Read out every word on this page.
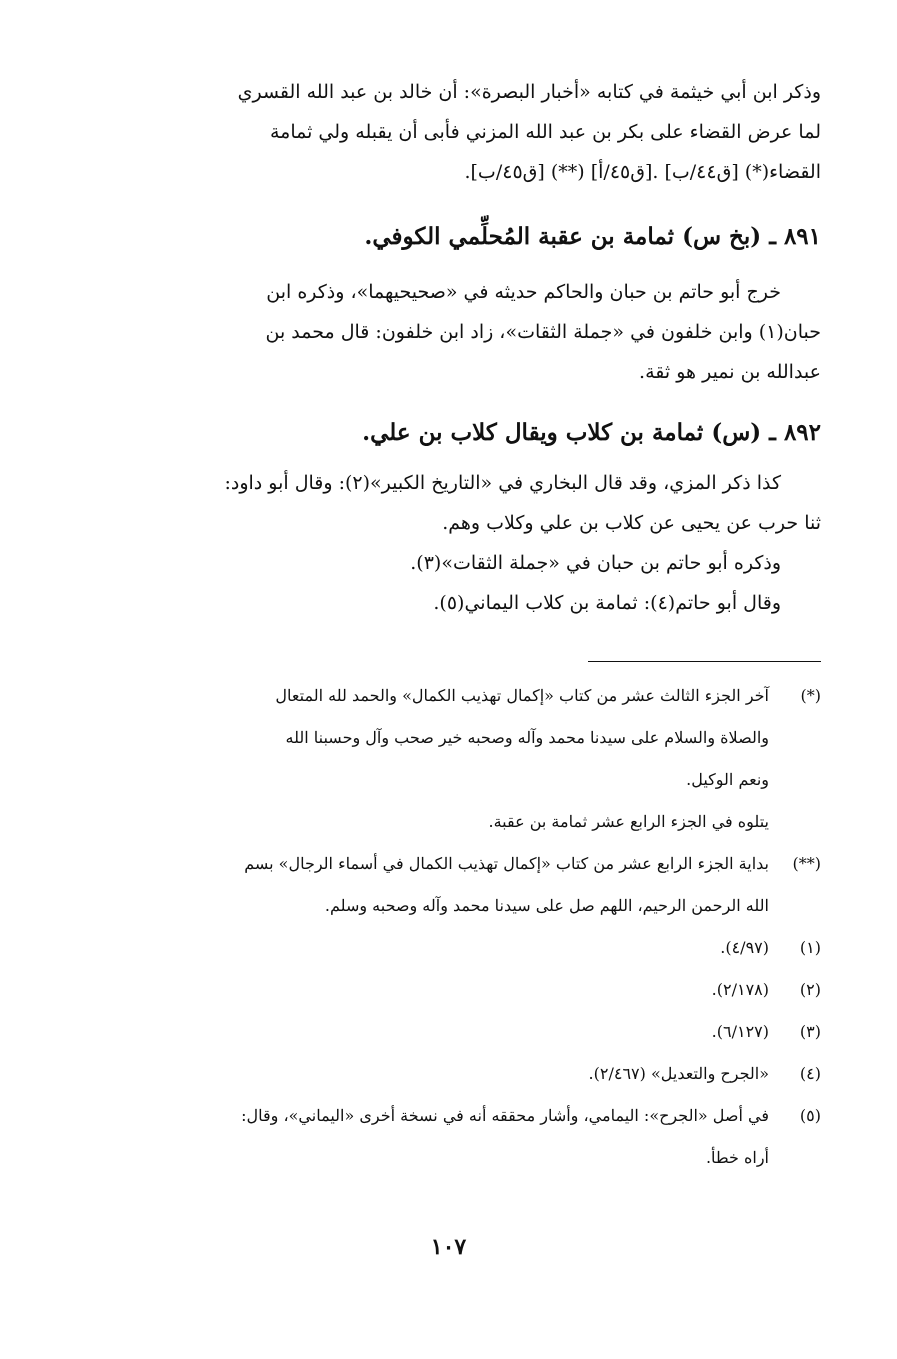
وذكر ابن أبي خيثمة في كتابه «أخبار البصرة»: أن خالد بن عبد الله القسري
لما عرض القضاء على بكر بن عبد الله المزني فأبى أن يقبله ولي ثمامة
القضاء(*) [ق٤٤/ب] .[ق٤٥/أ] (**) [ق٤٥/ب].
٨٩١ ـ (بخ س) ثمامة بن عقبة المُحلِّمي الكوفي.
خرج أبو حاتم بن حبان والحاكم حديثه في «صحيحيهما»، وذكره ابن
حبان(١) وابن خلفون في «جملة الثقات»، زاد ابن خلفون: قال محمد بن
عبدالله بن نمير هو ثقة.
٨٩٢ ـ (س) ثمامة بن كلاب ويقال كلاب بن علي.
كذا ذكر المزي، وقد قال البخاري في «التاريخ الكبير»(٢): وقال أبو داود:
ثنا حرب عن يحيى عن كلاب بن علي وكلاب وهم.
وذكره أبو حاتم بن حبان في «جملة الثقات»(٣).
وقال أبو حاتم(٤): ثمامة بن كلاب اليماني(٥).
(*)
آخر الجزء الثالث عشر من كتاب «إكمال تهذيب الكمال» والحمد لله المتعال
والصلاة والسلام على سيدنا محمد وآله وصحبه خير صحب وآل وحسبنا الله
ونعم الوكيل.
يتلوه في الجزء الرابع عشر ثمامة بن عقبة.
(**)
بداية الجزء الرابع عشر من كتاب «إكمال تهذيب الكمال في أسماء الرجال» بسم
الله الرحمن الرحيم، اللهم صل على سيدنا محمد وآله وصحبه وسلم.
(١)
(٤/٩٧).
(٢)
(٢/١٧٨).
(٣)
(٦/١٢٧).
(٤)
«الجرح والتعديل» (٢/٤٦٧).
(٥)
في أصل «الجرح»: اليمامي، وأشار محققه أنه في نسخة أخرى «اليماني»، وقال:
أراه خطأ.
١٠٧
